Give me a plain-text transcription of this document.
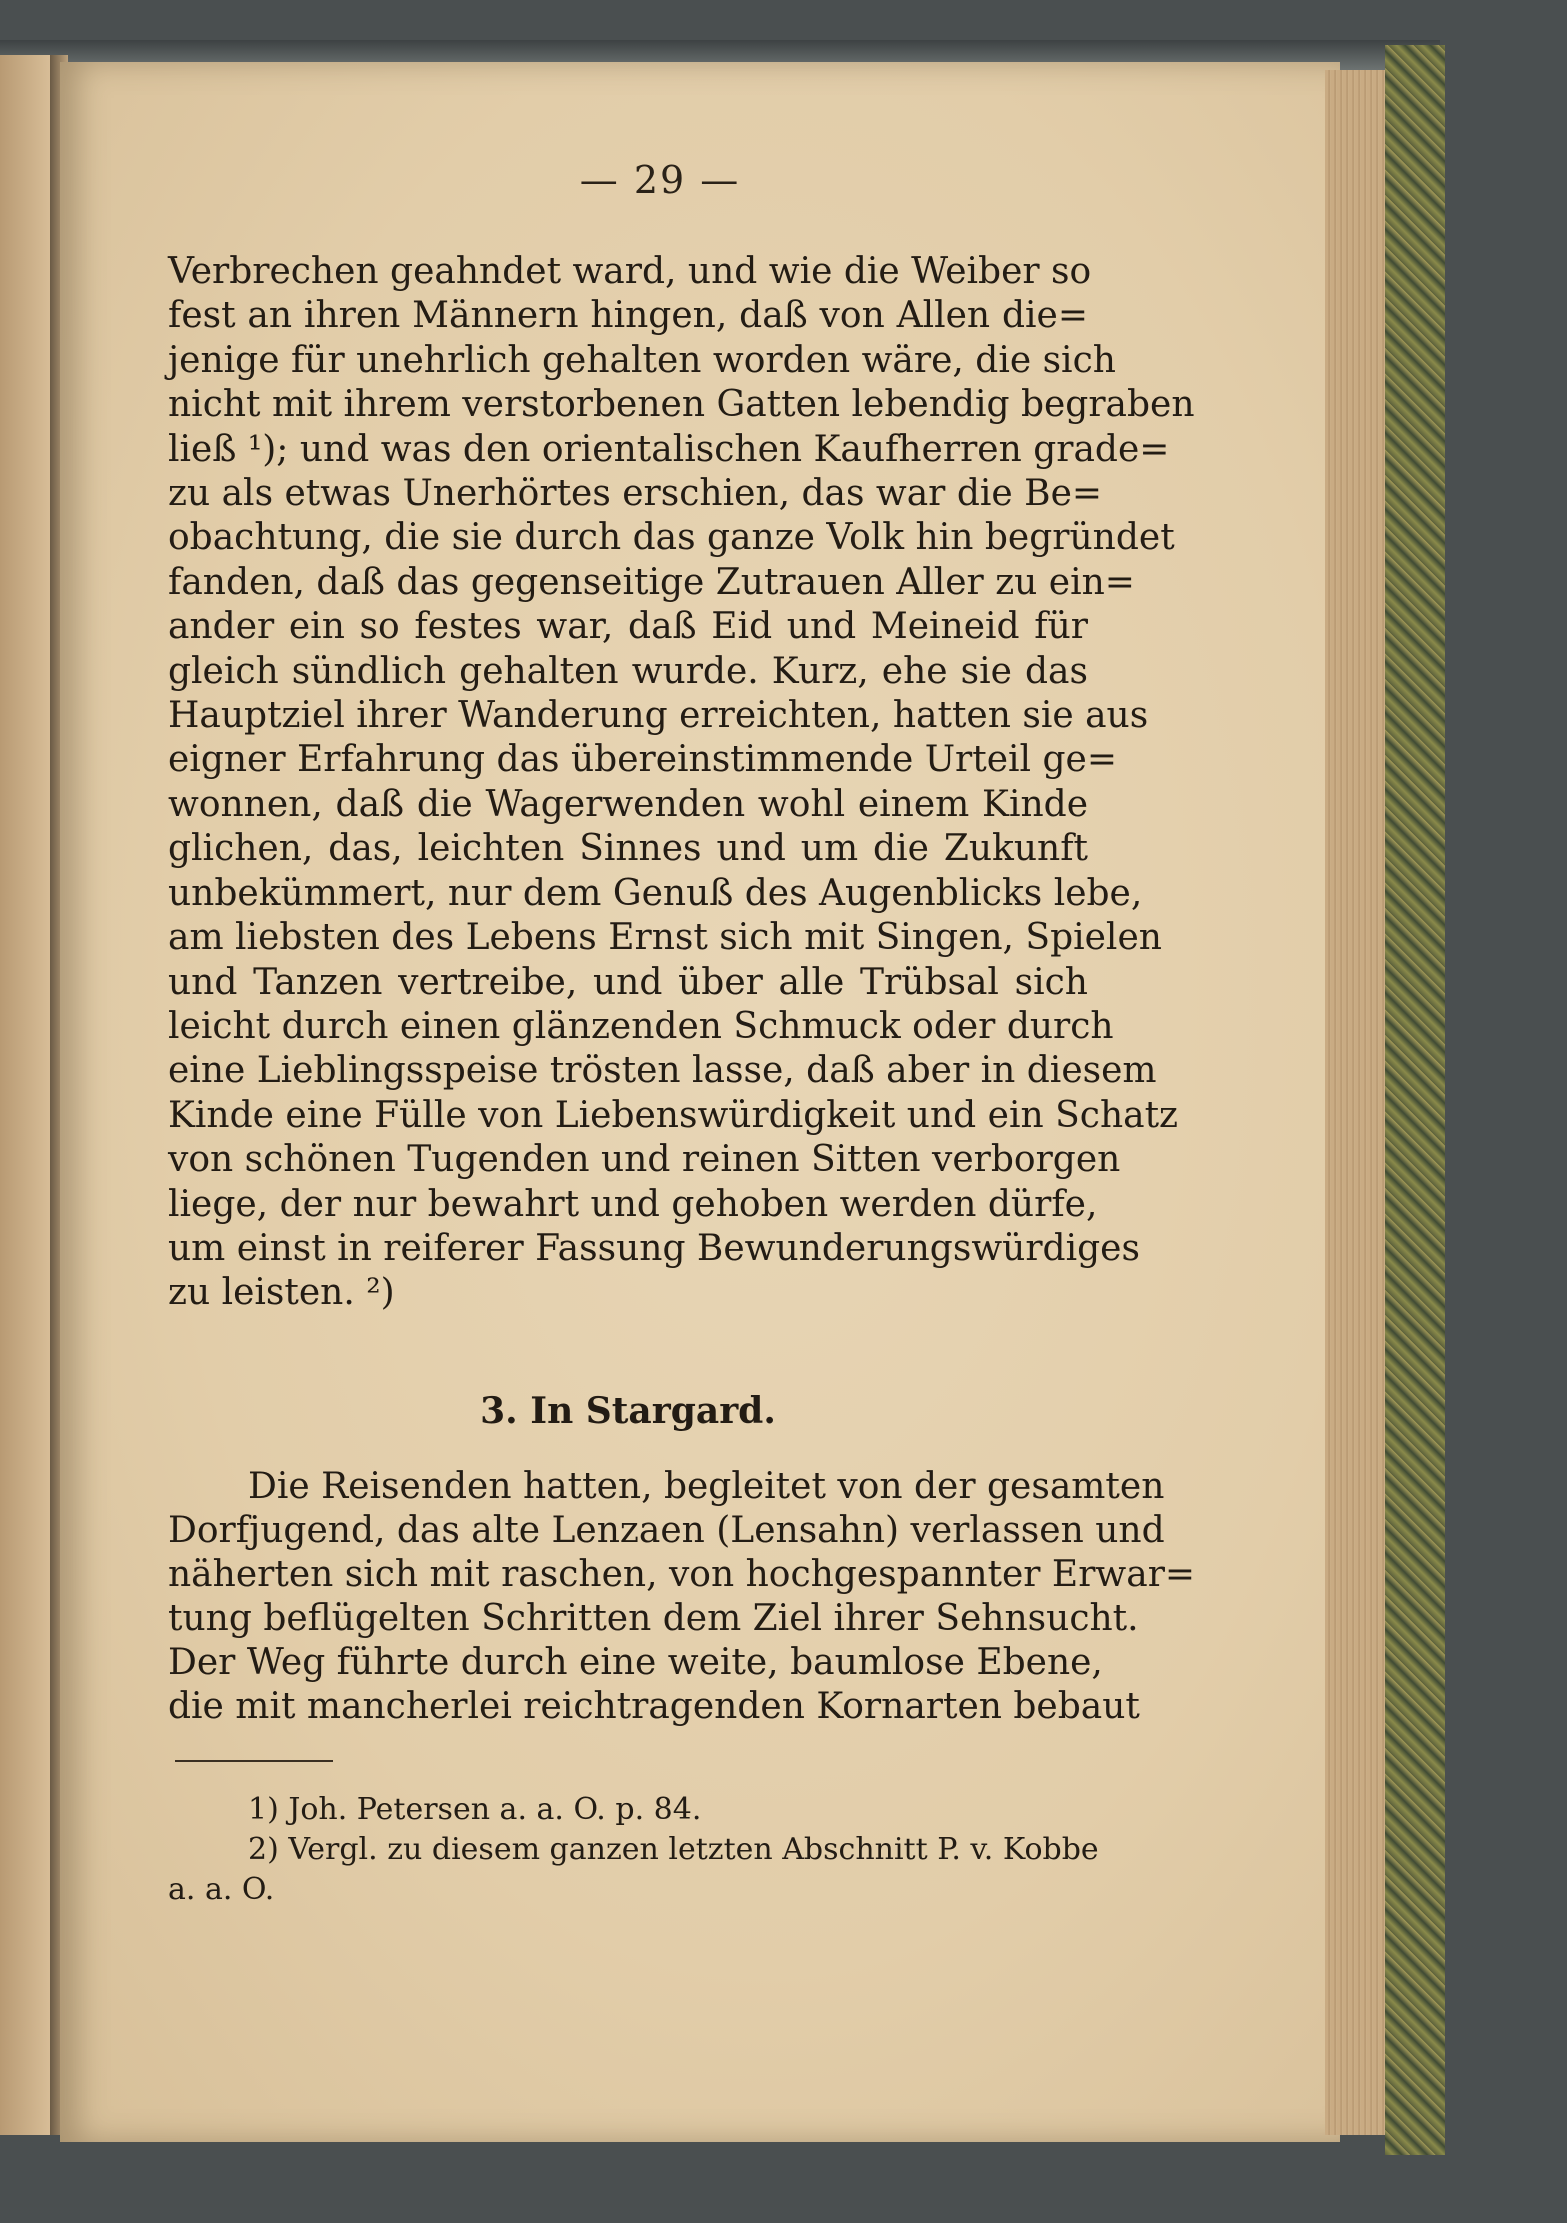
— 29 —
Verbrechen geahndet ward, und wie die Weiber so
fest an ihren Männern hingen, daß von Allen die=
jenige für unehrlich gehalten worden wäre, die sich
nicht mit ihrem verstorbenen Gatten lebendig begraben
ließ ¹); und was den orientalischen Kaufherren grade=
zu als etwas Unerhörtes erschien, das war die Be=
obachtung, die sie durch das ganze Volk hin begründet
fanden, daß das gegenseitige Zutrauen Aller zu ein=
ander ein so festes war, daß Eid und Meineid für
gleich sündlich gehalten wurde. Kurz, ehe sie das
Hauptziel ihrer Wanderung erreichten, hatten sie aus
eigner Erfahrung das übereinstimmende Urteil ge=
wonnen, daß die Wagerwenden wohl einem Kinde
glichen, das, leichten Sinnes und um die Zukunft
unbekümmert, nur dem Genuß des Augenblicks lebe,
am liebsten des Lebens Ernst sich mit Singen, Spielen
und Tanzen vertreibe, und über alle Trübsal sich
leicht durch einen glänzenden Schmuck oder durch
eine Lieblingsspeise trösten lasse, daß aber in diesem
Kinde eine Fülle von Liebenswürdigkeit und ein Schatz
von schönen Tugenden und reinen Sitten verborgen
liege, der nur bewahrt und gehoben werden dürfe,
um einst in reiferer Fassung Bewunderungswürdiges
zu leisten. ²)
3. In Stargard.
Die Reisenden hatten, begleitet von der gesamten
Dorfjugend, das alte Lenzaen (Lensahn) verlassen und
näherten sich mit raschen, von hochgespannter Erwar=
tung beflügelten Schritten dem Ziel ihrer Sehnsucht.
Der Weg führte durch eine weite, baumlose Ebene,
die mit mancherlei reichtragenden Kornarten bebaut
1) Joh. Petersen a. a. O. p. 84.
2) Vergl. zu diesem ganzen letzten Abschnitt P. v. Kobbe
a. a. O.
